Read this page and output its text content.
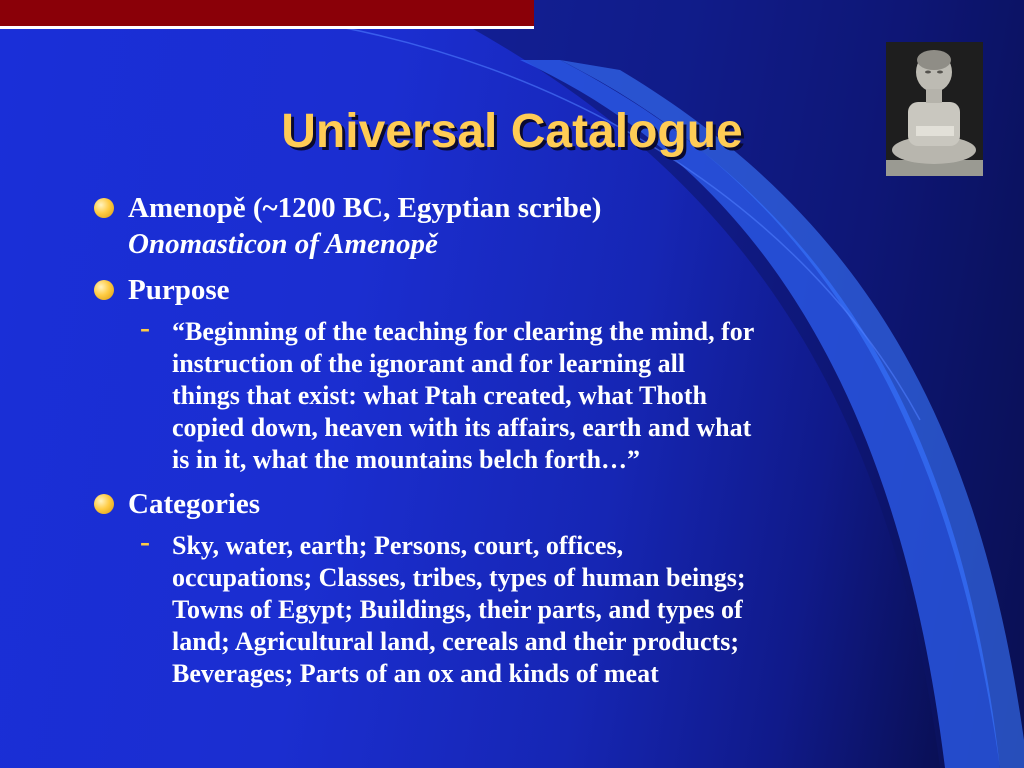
Universal Catalogue
Amenopě (~1200 BC, Egyptian scribe)
Onomasticon of Amenopě
Purpose
- “Beginning of the teaching for clearing the mind, for
instruction of the ignorant and for learning all
things that exist: what Ptah created, what Thoth
copied down, heaven with its affairs, earth and what
is in it, what the mountains belch forth…”
Categories
- Sky, water, earth; Persons, court, offices,
occupations; Classes, tribes, types of human beings;
Towns of Egypt; Buildings, their parts, and types of
land; Agricultural land, cereals and their products;
Beverages; Parts of an ox and kinds of meat
